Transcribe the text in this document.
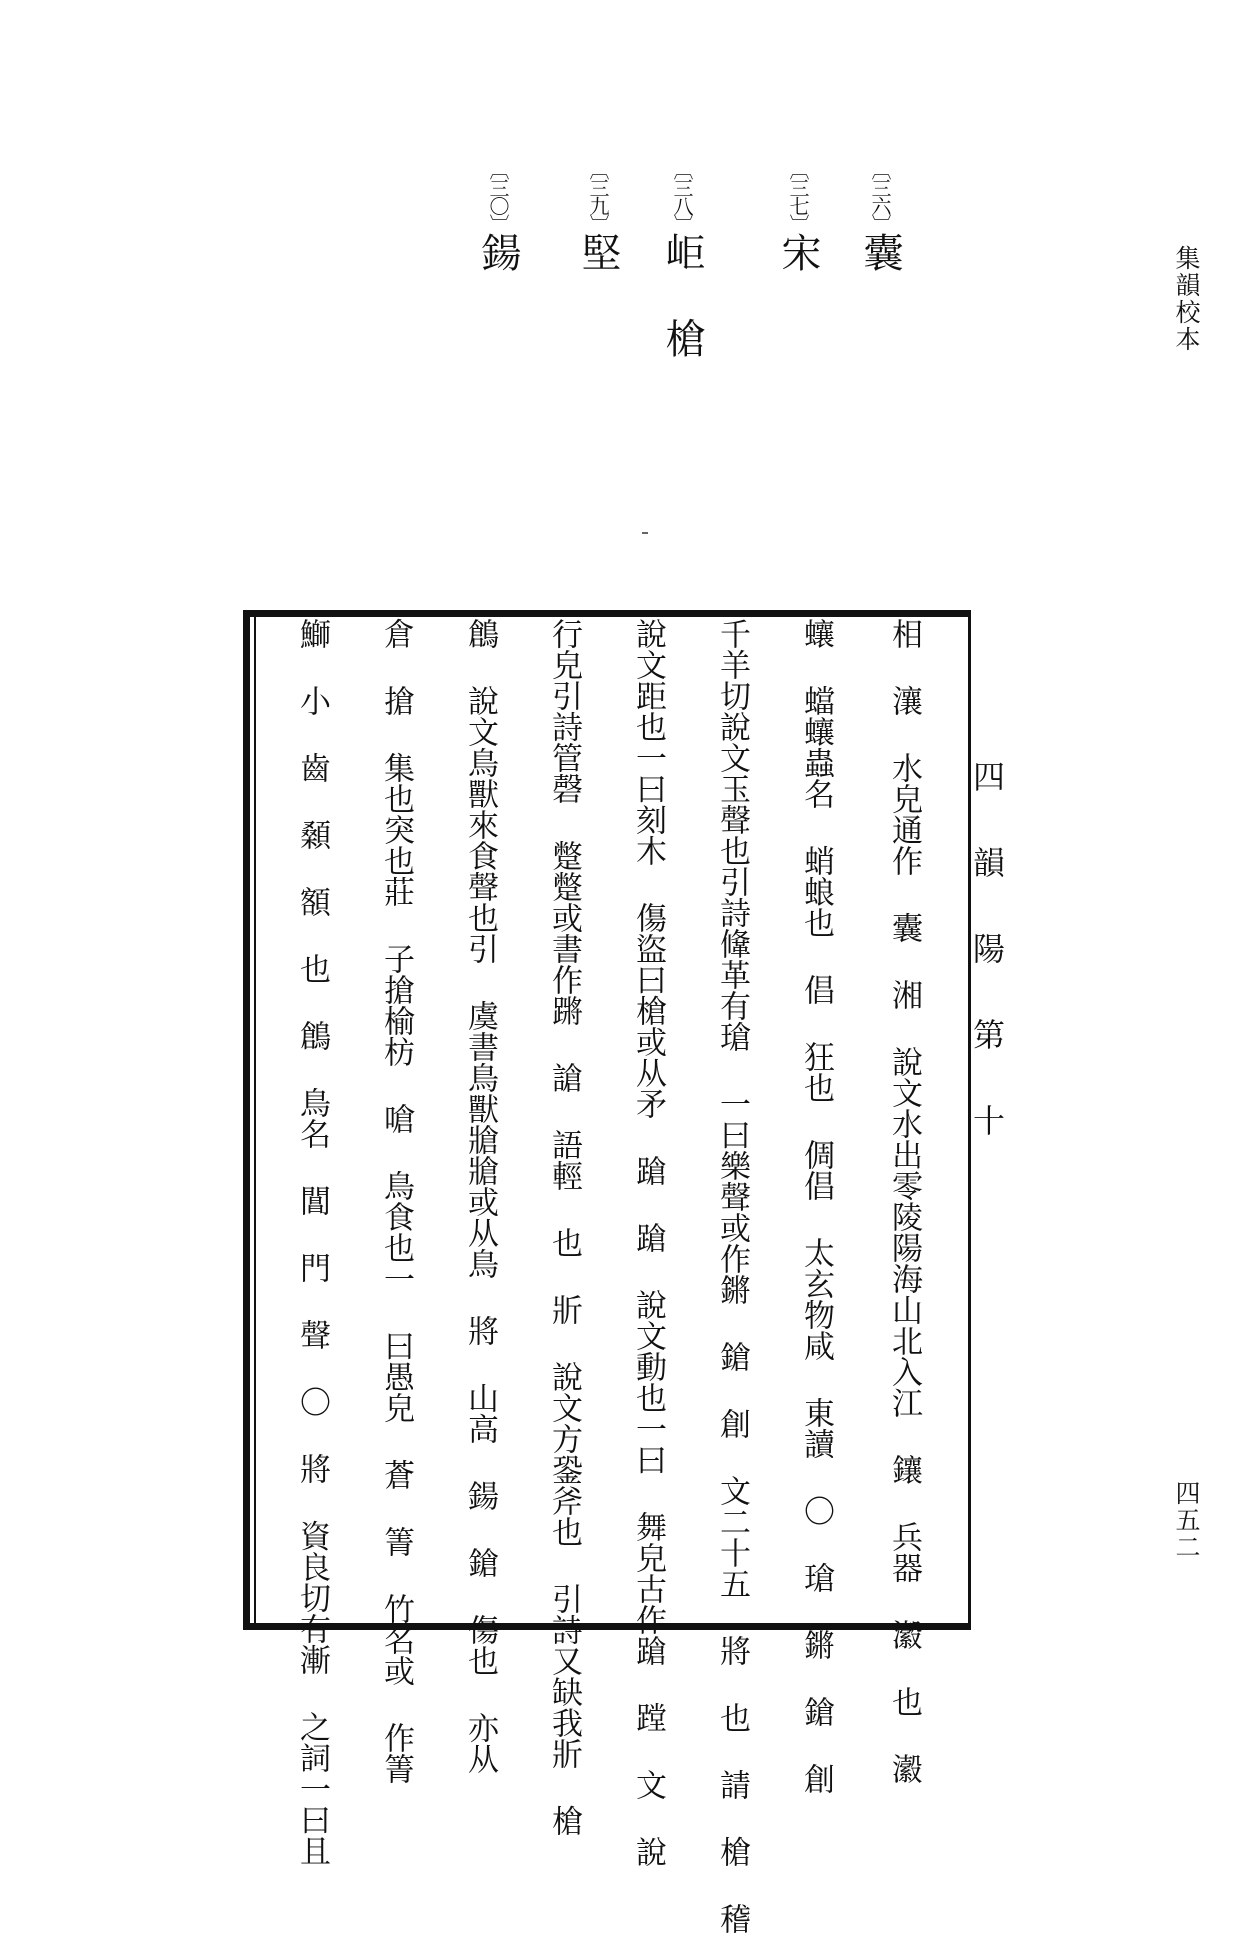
集韻校本
四五二
〔三六〕囊
〔三七〕宋
〔三八〕岠 槍
〔三九〕堅
〔三〇〕鍚
四 韻 陽 第 十
相 瀼 水皃通作 囊 湘 說文水出零陵陽海山北入江 鑲 兵器 瀫 也 瀫
蠰 蟷蠰蟲名 蛸蜋也 倡 狂也 倜倡 太玄物咸 東讀 〇 瑲 鏘 鎗 創
千羊切說文玉聲也引詩鞗革有瑲 一曰樂聲或作鏘 鎗 創 文二十五 將 也 請 槍 稽
說文距也一曰刻木 傷盜曰槍或从矛 蹌 蹌 說文動也一曰 舞皃古作蹌 蹚 文 說
行皃引詩管磬 蹩蹩或書作蹡 謒 語輕 也 斨 說文方銎斧也 引詩又缺我斨 槍
鶬 說文鳥獸來食聲也引 虞書鳥獸牄牄或从鳥 將 山高 鍚 鎗 傷也 亦从
倉 搶 集也突也莊 子搶榆枋 嗆 鳥食也一 曰愚皃 蒼 箐 竹名或 作箐
鰤 小 齒 顙 額 也 鶬 鳥名 閶 門 聲 〇 將 資良切有漸 之詞一曰且
